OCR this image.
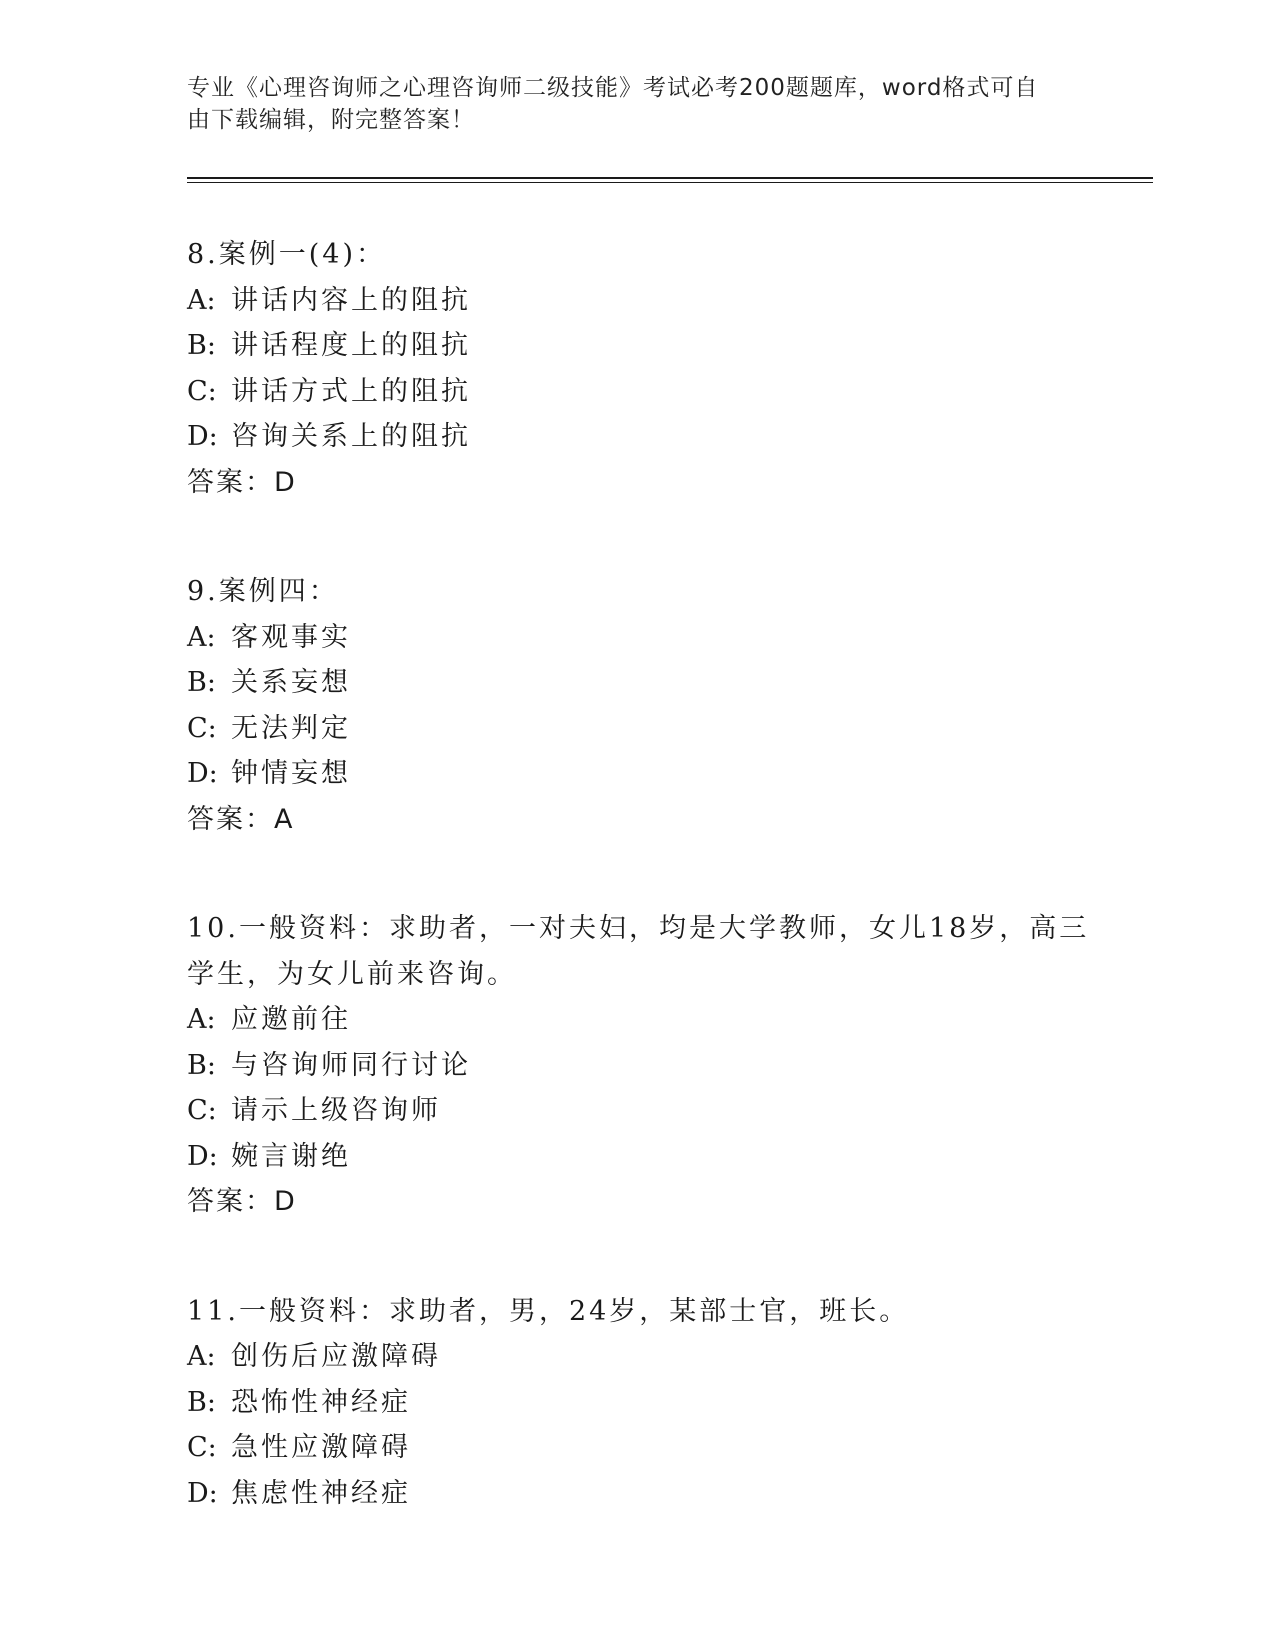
专业《心理咨询师之心理咨询师二级技能》考试必考200题题库，word格式可自
由下载编辑，附完整答案！
8.案例一(4)：
A: 讲话内容上的阻抗
B: 讲话程度上的阻抗
C: 讲话方式上的阻抗
D: 咨询关系上的阻抗
答案：D
9.案例四：
A: 客观事实
B: 关系妄想
C: 无法判定
D: 钟情妄想
答案：A
10.一般资料：求助者，一对夫妇，均是大学教师，女儿18岁，高三
学生，为女儿前来咨询。
A: 应邀前往
B: 与咨询师同行讨论
C: 请示上级咨询师
D: 婉言谢绝
答案：D
11.一般资料：求助者，男，24岁，某部士官，班长。
A: 创伤后应激障碍
B: 恐怖性神经症
C: 急性应激障碍
D: 焦虑性神经症
